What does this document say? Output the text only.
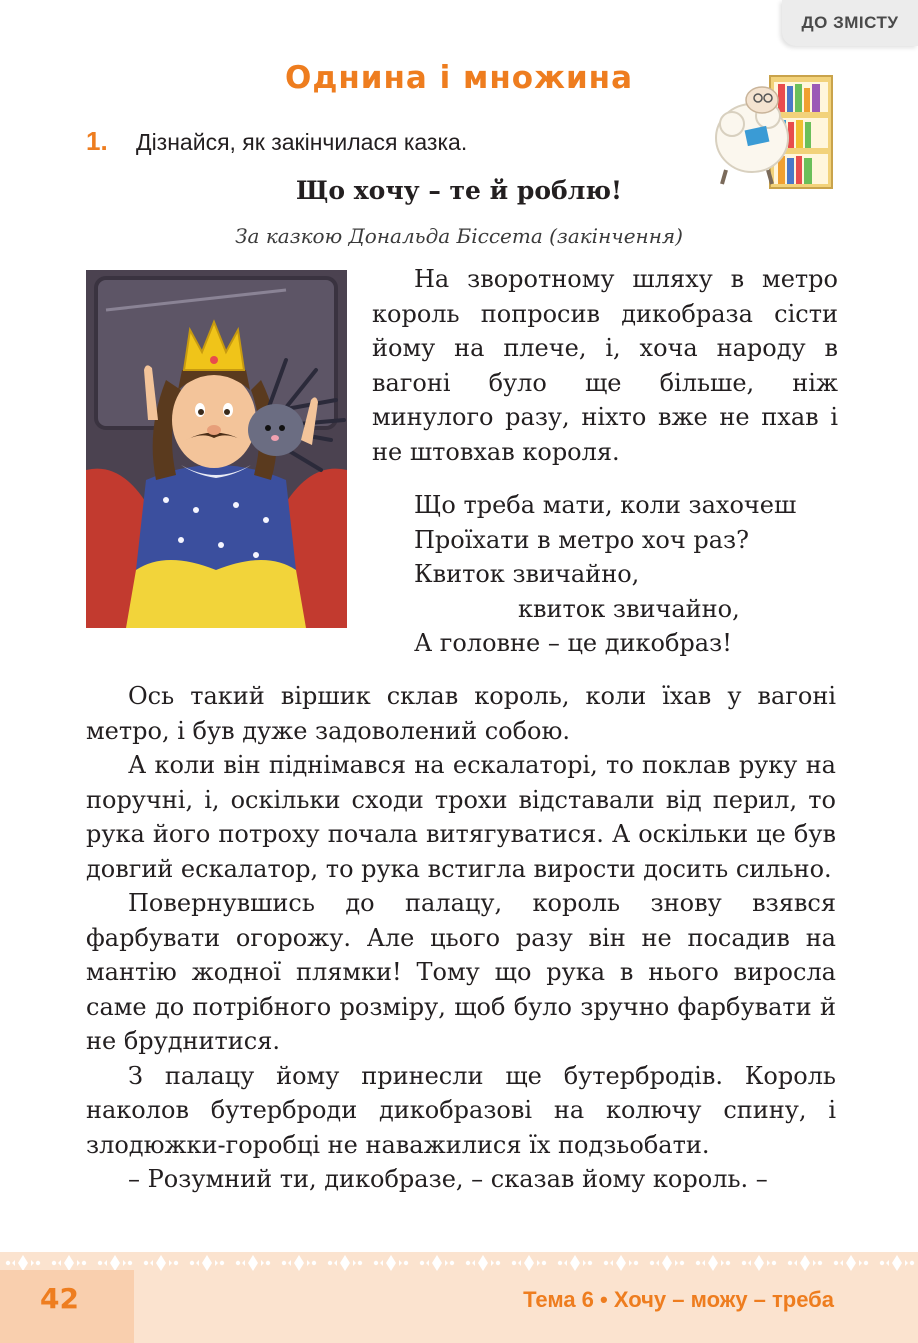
ДО ЗМІСТУ
Однина і множина
1.	Дізнайся, як закінчилася казка.
Що хочу – те й роблю!

За казкою Дональда Біссета (закінчення)

На зворотному шляху в метро король попросив дикобраза сісти йому на плече, і, хоча народу в вагоні було ще більше, ніж минулого разу, ніхто вже не пхав і не штовхав короля.

Що треба мати, коли захочеш
Проїхати в метро хоч раз?
Квиток звичайно,
квиток звичайно,
А головне – це дикобраз!

Ось такий віршик склав король, коли їхав у вагоні метро, і був дуже задоволений собою.

А коли він піднімався на ескалаторі, то поклав руку на поручні, і, оскільки сходи трохи відставали від перил, то рука його потроху почала витягуватися. А оскільки це був довгий ескалатор, то рука встигла вирости досить сильно.

Повернувшись до палацу, король знову взявся фарбувати огорожу. Але цього разу він не посадив на мантію жодної плямки! Тому що рука в нього виросла саме до потрібного розміру, щоб було зручно фарбувати й не бруднитися.

З палацу йому принесли ще бутербродів. Король наколов бутерброди дикобразові на колючу спину, і злодюжки-горобці не наважилися їх подзьобати.

– Розумний ти, дикобразе, – сказав йому король. –

42	Тема 6 • Хочу – можу – треба
